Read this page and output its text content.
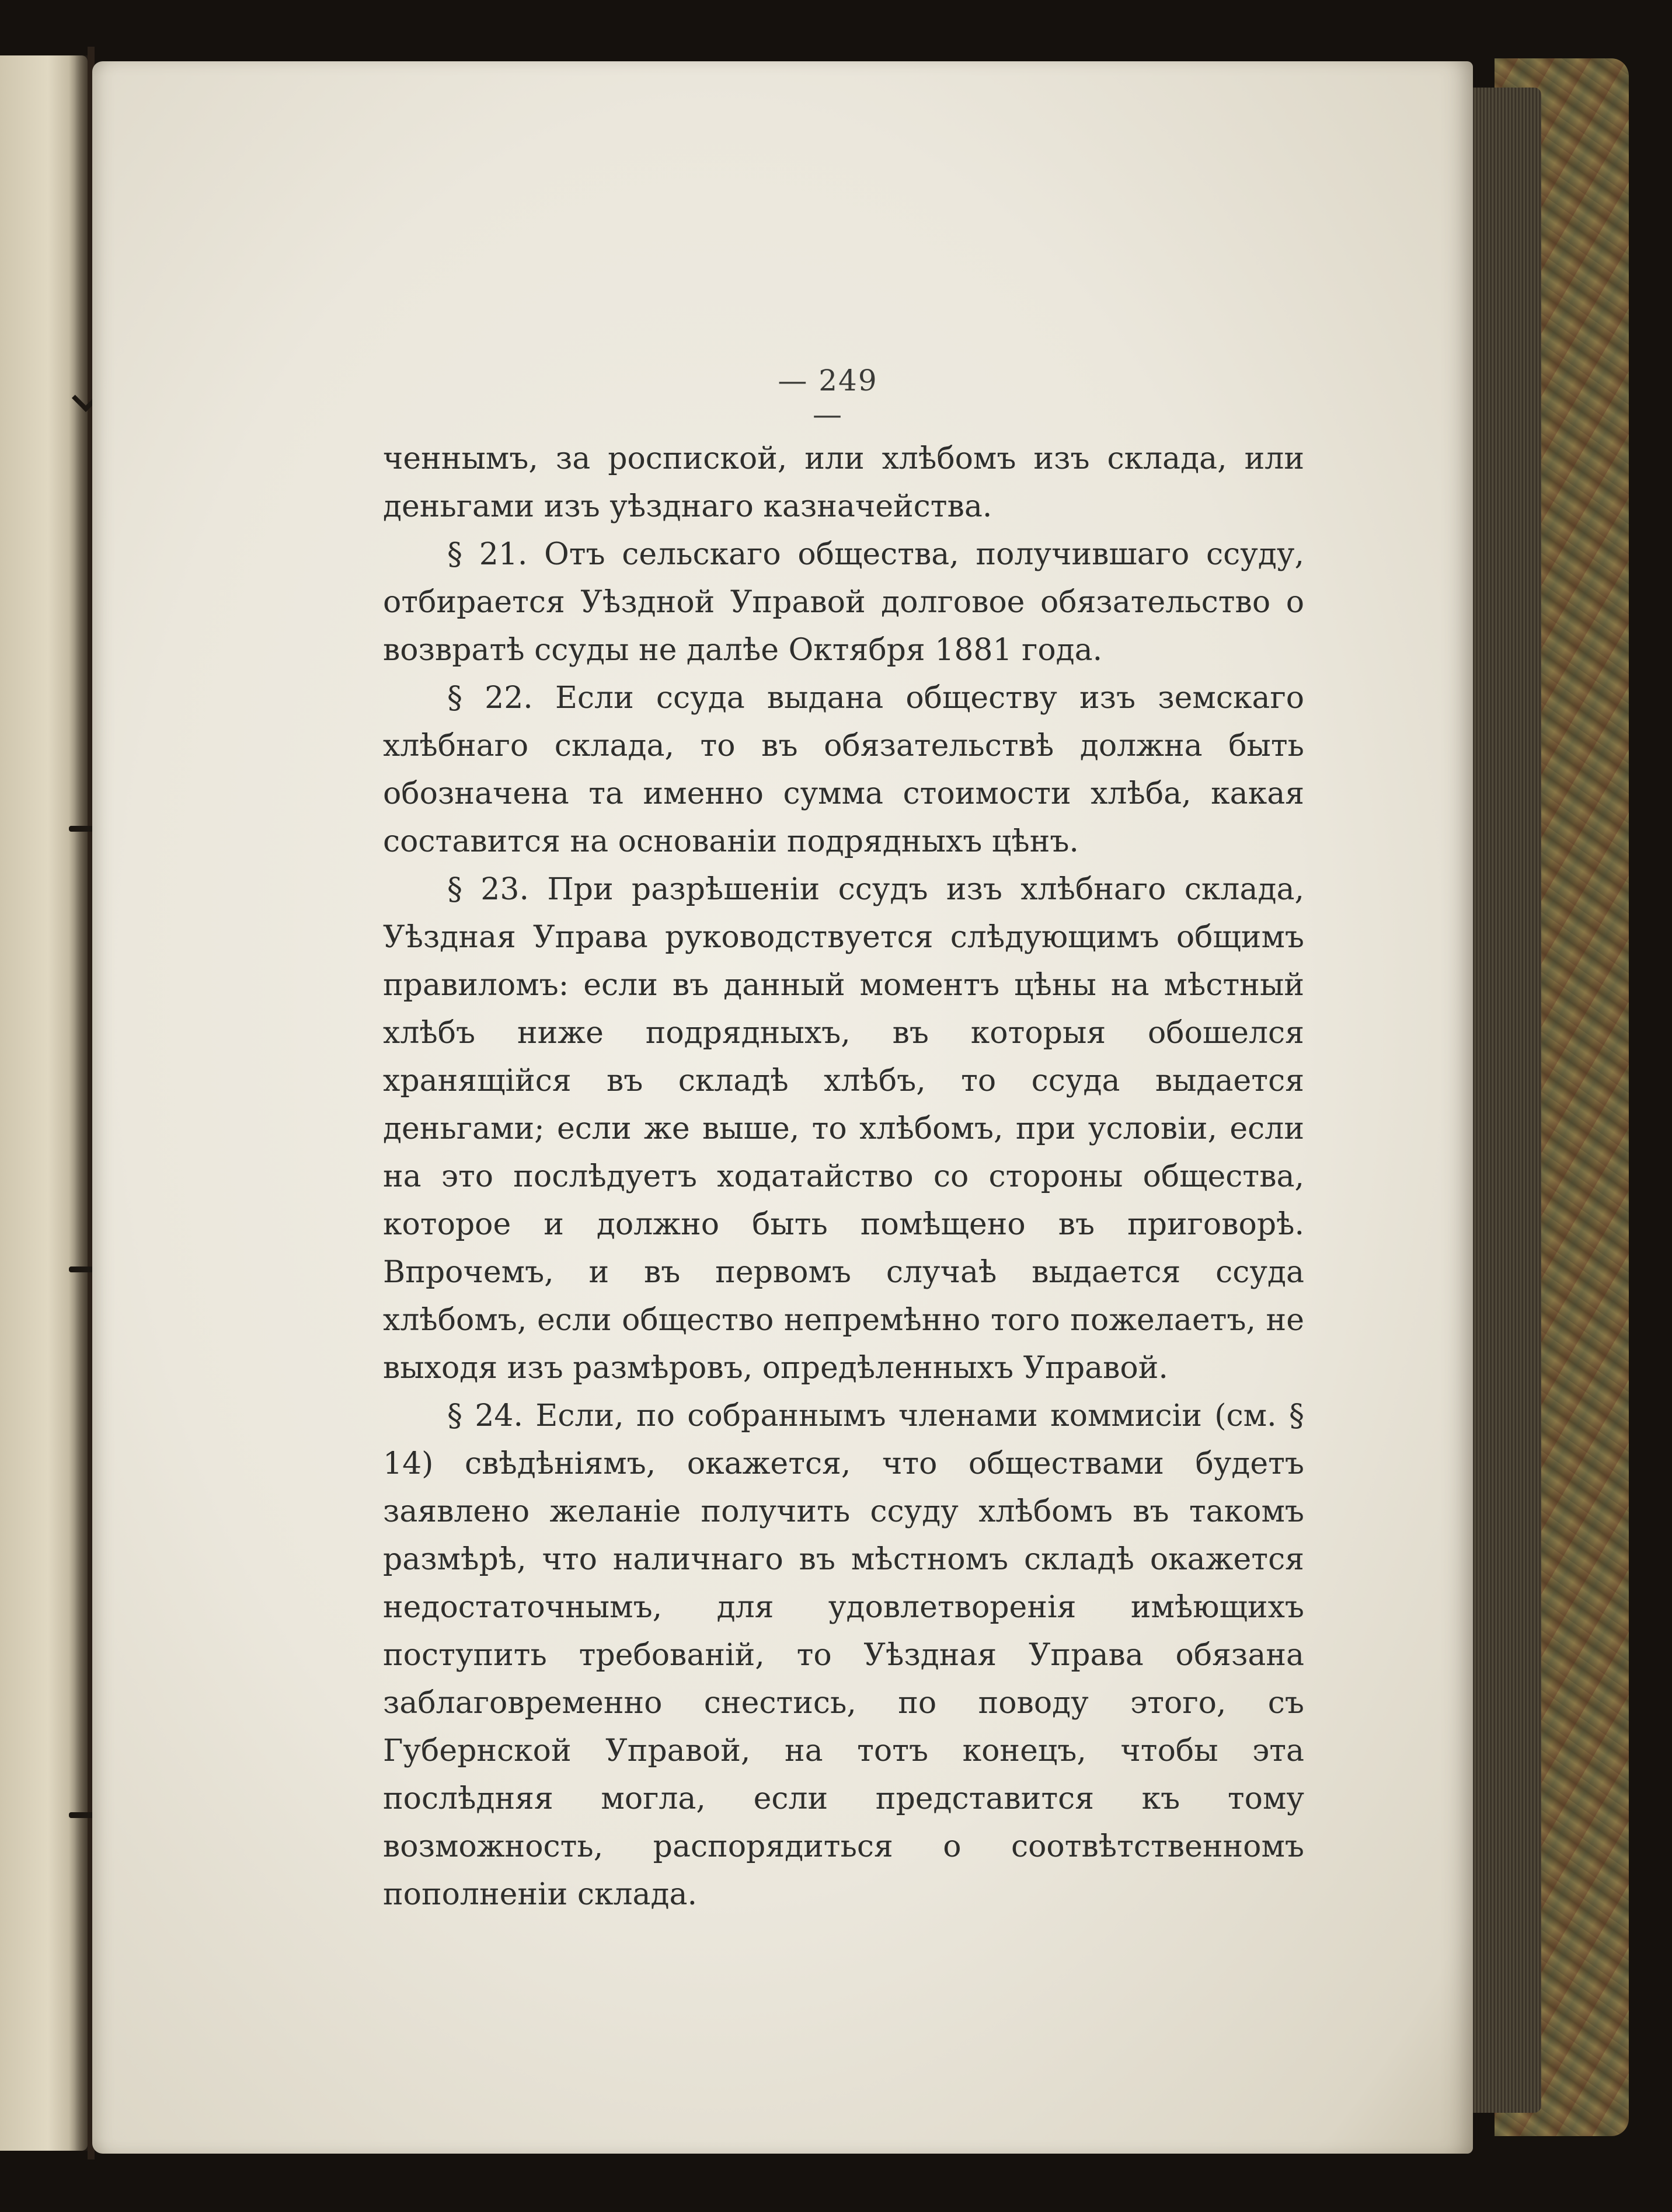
— 249 —

ченнымъ, за роспиской, или хлѣбомъ изъ склада, или деньгами изъ уѣзднаго казначейства.

§ 21. Отъ сельскаго общества, получившаго ссуду, отбирается Уѣздной Управой долговое обязательство о возвратѣ ссуды не далѣе Октября 1881 года.

§ 22. Если ссуда выдана обществу изъ земскаго хлѣбнаго склада, то въ обязательствѣ должна быть обозначена та именно сумма стоимости хлѣба, какая составится на основанiи подрядныхъ цѣнъ.

§ 23. При разрѣшенiи ссудъ изъ хлѣбнаго склада, Уѣздная Управа руководствуется слѣдующимъ общимъ правиломъ: если въ данный моментъ цѣны на мѣстный хлѣбъ ниже подрядныхъ, въ которыя обошелся хранящiйся въ складѣ хлѣбъ, то ссуда выдается деньгами; если же выше, то хлѣбомъ, при условiи, если на это послѣдуетъ ходатайство со стороны общества, которое и должно быть помѣщено въ приговорѣ. Впрочемъ, и въ первомъ случаѣ выдается ссуда хлѣбомъ, если общество непремѣнно того пожелаетъ, не выходя изъ размѣровъ, опредѣленныхъ Управой.

§ 24. Если, по собраннымъ членами коммисiи (см. § 14) свѣдѣнiямъ, окажется, что обществами будетъ заявлено желанiе получить ссуду хлѣбомъ въ такомъ размѣрѣ, что наличнаго въ мѣстномъ складѣ окажется недостаточнымъ, для удовлетворенiя имѣющихъ поступить требованiй, то Уѣздная Управа обязана заблаговременно снестись, по поводу этого, съ Губернской Управой, на тотъ конецъ, чтобы эта послѣдняя могла, если представится къ тому возможность, распорядиться о соотвѣтственномъ пополненiи склада.
